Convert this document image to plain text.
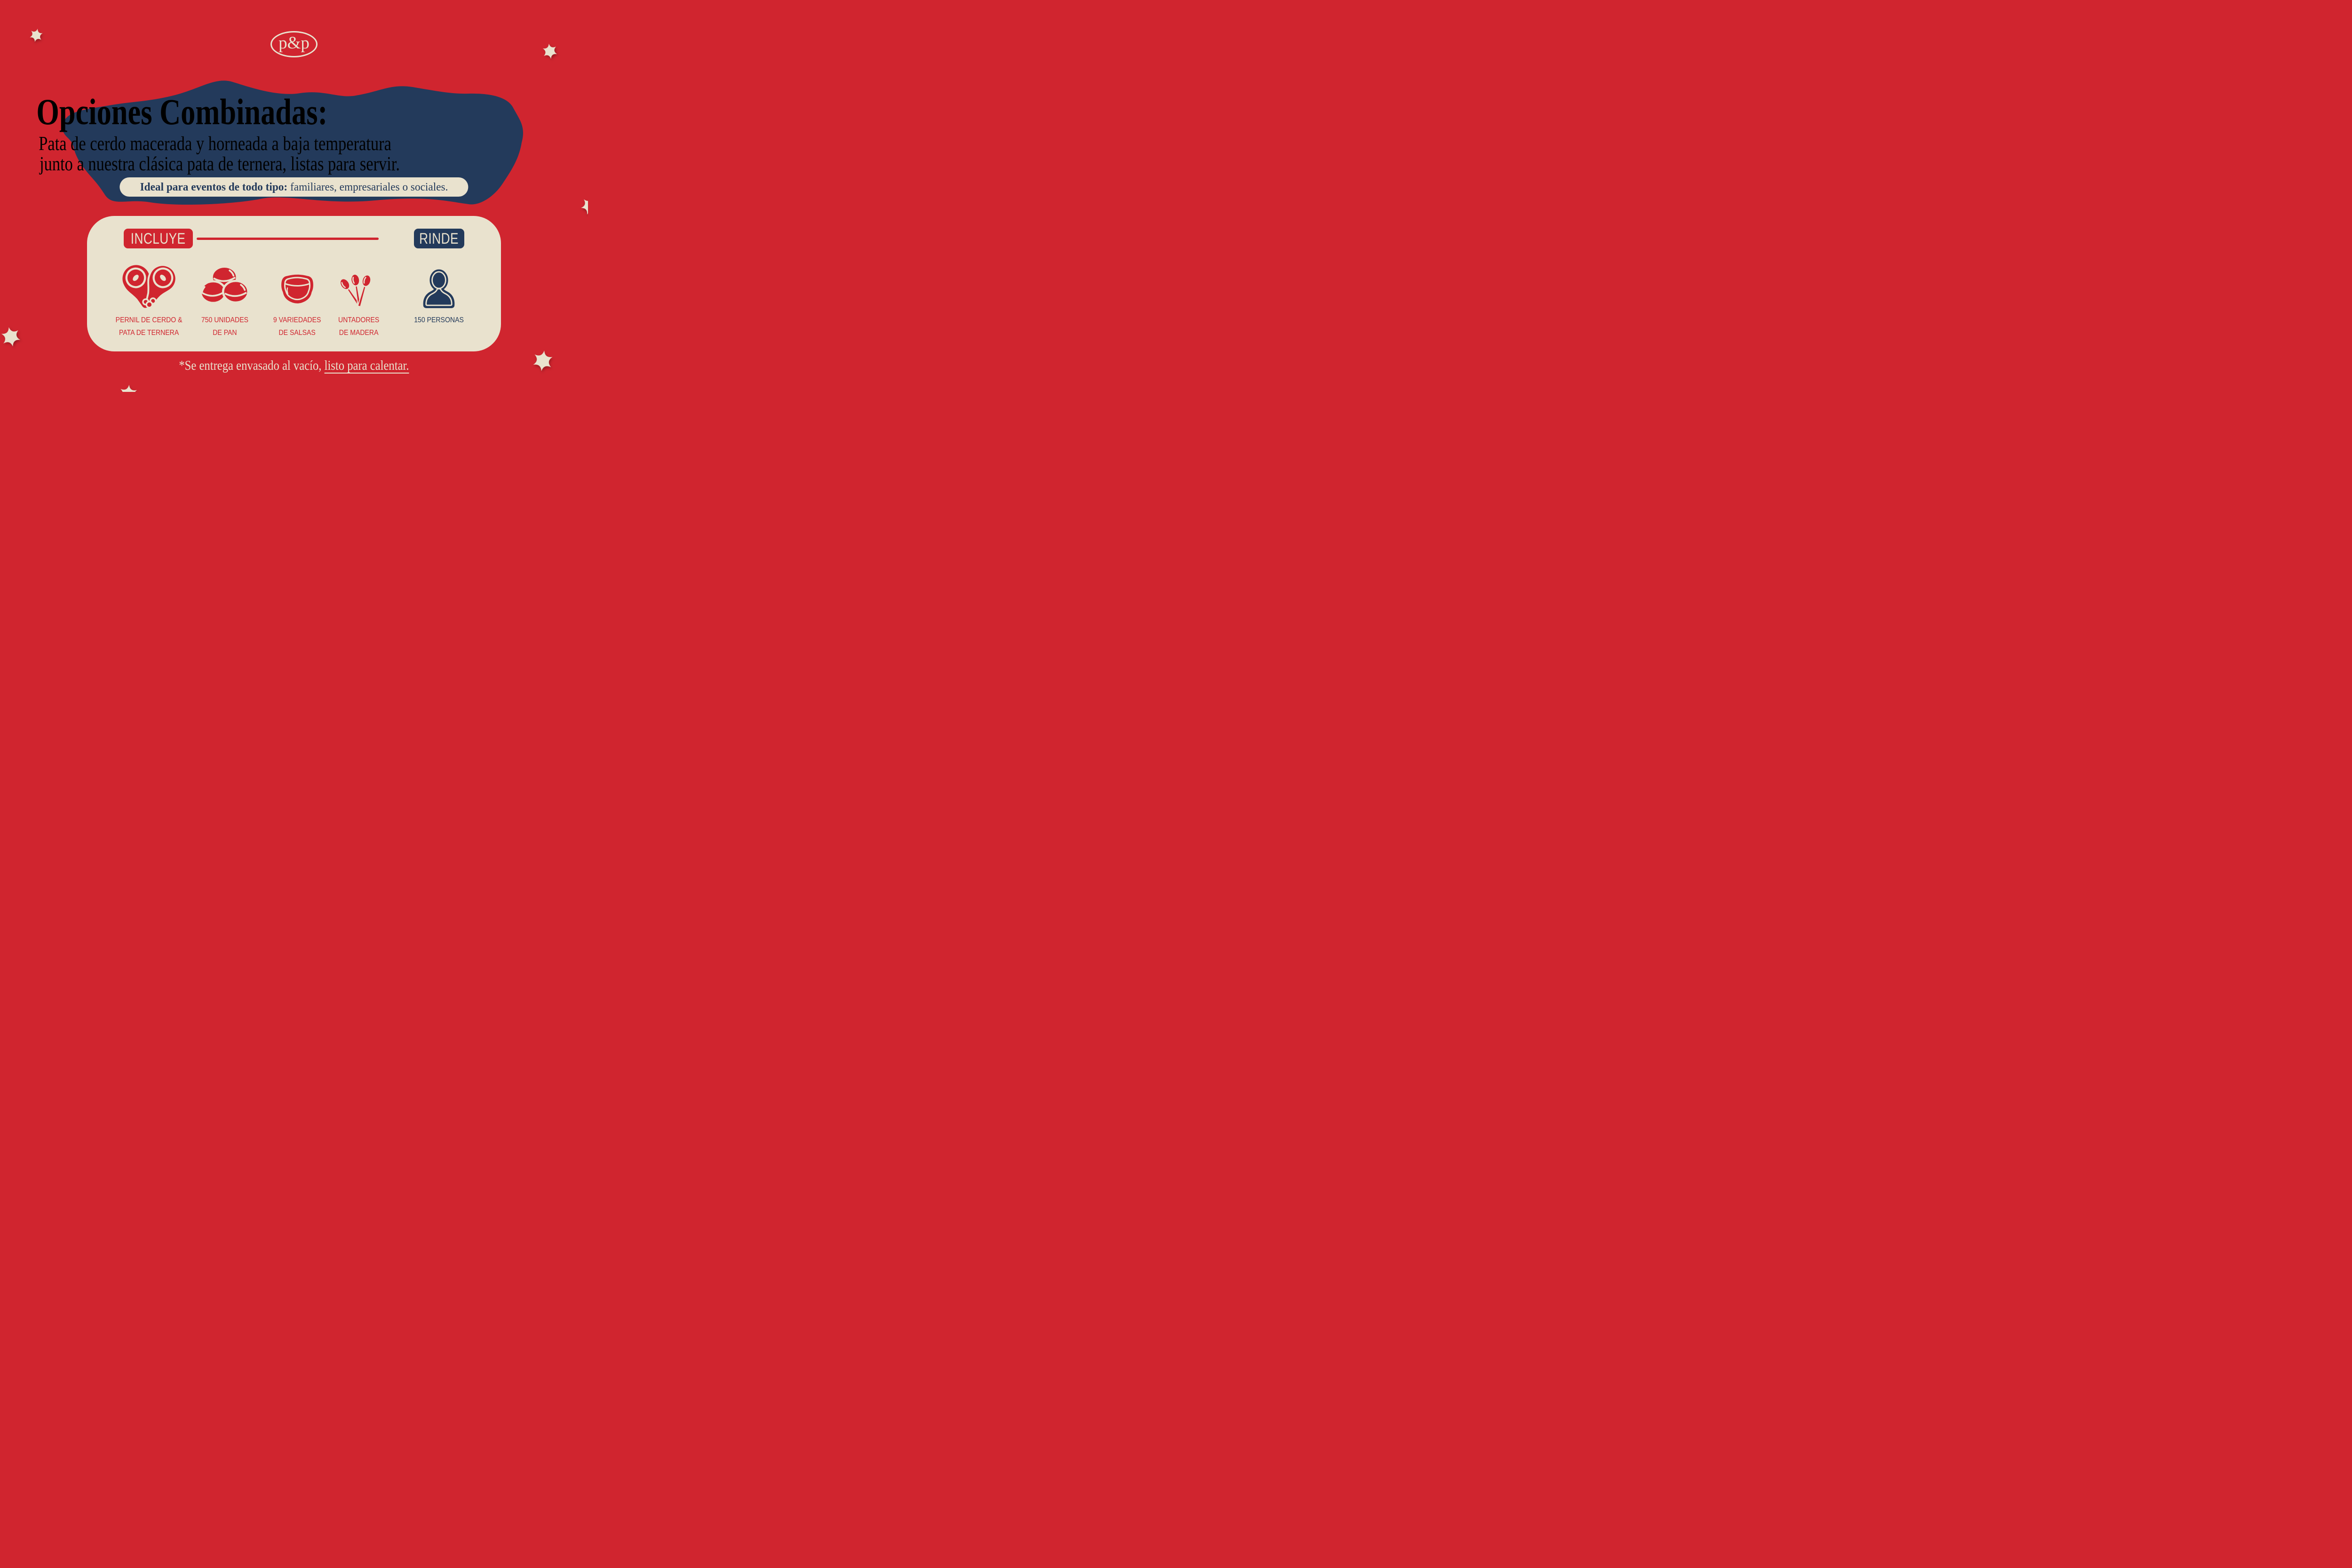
p&p
Opciones Combinadas:
Pata de cerdo macerada y horneada a baja temperatura
junto a nuestra clásica pata de ternera, listas para servir.
Ideal para eventos de todo tipo: familiares, empresariales o sociales.
INCLUYE	RINDE
PERNIL DE CERDO &
PATA DE TERNERA
750 UNIDADES
DE PAN
9 VARIEDADES
DE SALSAS
UNTADORES
DE MADERA
150 PERSONAS
*Se entrega envasado al vacío, listo para calentar.
